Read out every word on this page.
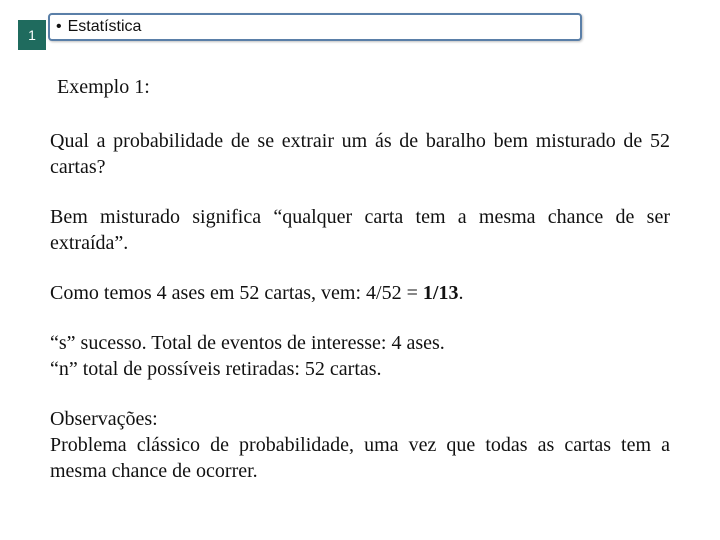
1 • Estatística
Exemplo 1:

Qual a probabilidade de se extrair um ás de baralho bem misturado de 52 cartas?

Bem misturado significa “qualquer carta tem a mesma chance de ser extraída”.

Como temos 4 ases em 52 cartas, vem: 4/52 = 1/13.

“s” sucesso. Total de eventos de interesse: 4 ases.

“n” total de possíveis retiradas: 52 cartas.

Observações:

Problema clássico de probabilidade, uma vez que todas as cartas tem a mesma chance de ocorrer.
